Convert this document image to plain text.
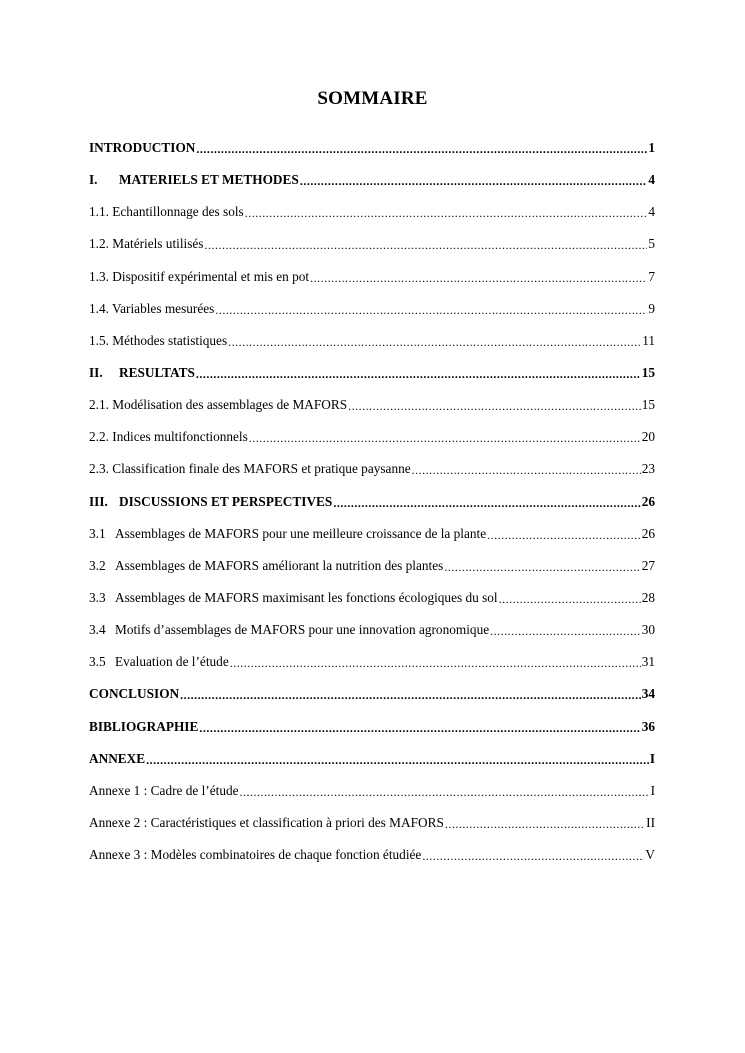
SOMMAIRE
INTRODUCTION .....	1
I. MATERIELS ET METHODES .....	4
1.1. Echantillonnage des sols .....	4
1.2. Matériels utilisés .....	5
1.3. Dispositif expérimental et mis en pot .....	7
1.4. Variables mesurées .....	9
1.5. Méthodes statistiques .....	11
II. RESULTATS .....	15
2.1. Modélisation des assemblages de MAFORS .....	15
2.2. Indices multifonctionnels .....	20
2.3. Classification finale des MAFORS et pratique paysanne .....	23
III. DISCUSSIONS ET PERSPECTIVES .....	26
3.1 Assemblages de MAFORS pour une meilleure croissance de la plante .....	26
3.2 Assemblages de MAFORS améliorant la nutrition des plantes .....	27
3.3 Assemblages de MAFORS maximisant les fonctions écologiques du sol .....	28
3.4 Motifs d’assemblages de MAFORS pour une innovation agronomique .....	30
3.5 Evaluation de l’étude .....	31
CONCLUSION .....	34
BIBLIOGRAPHIE .....	36
ANNEXE .....	I
Annexe 1 : Cadre de l’étude .....	I
Annexe 2 : Caractéristiques et classification à priori des MAFORS .....	II
Annexe 3 : Modèles combinatoires de chaque fonction étudiée .....	V
